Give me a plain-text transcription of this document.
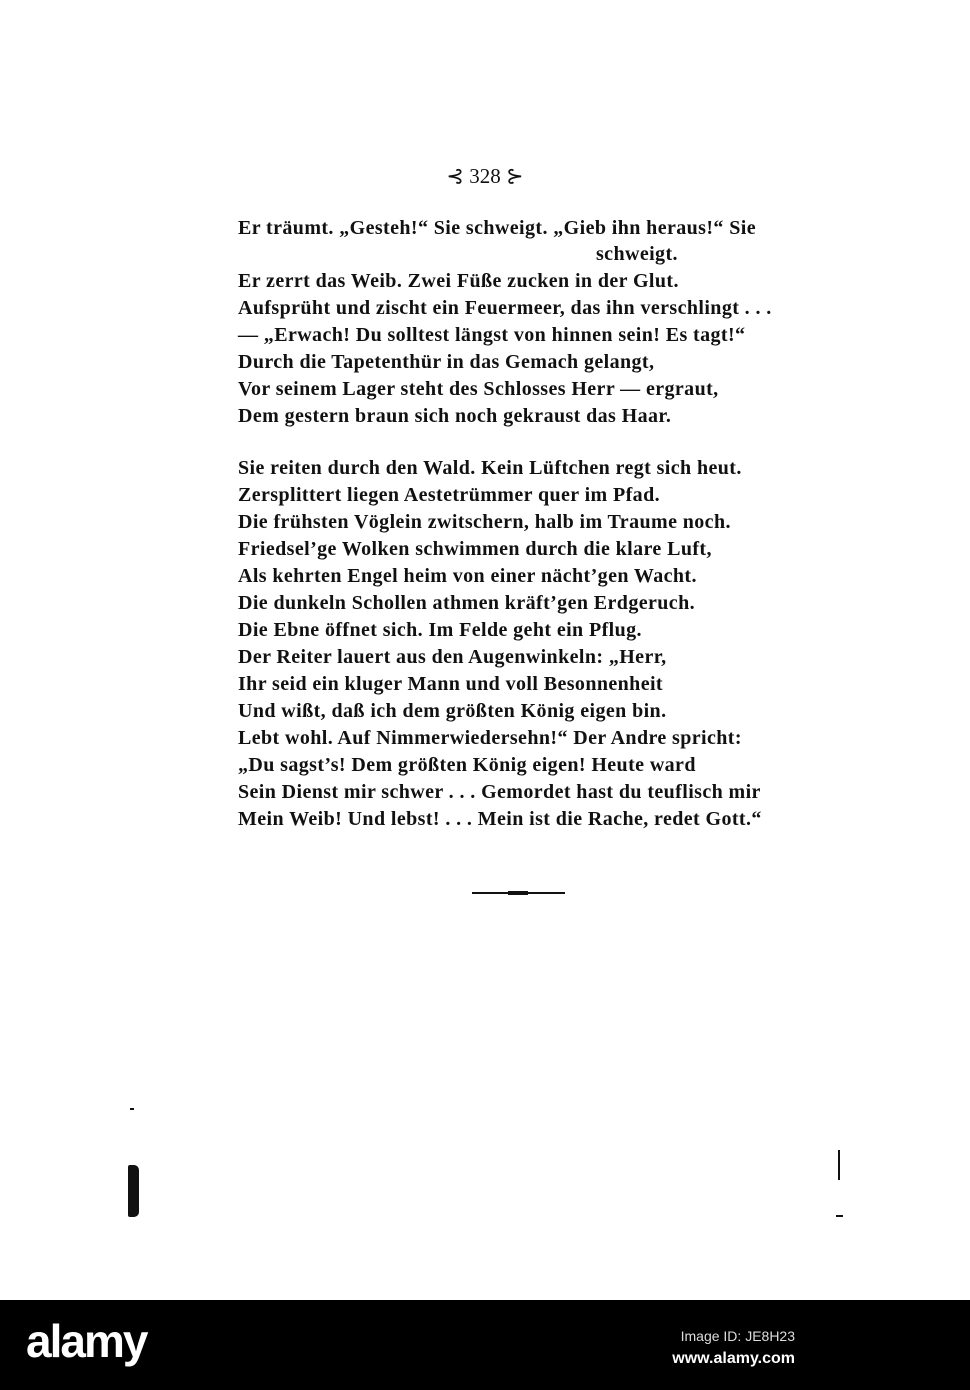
⊰ 328 ⊱
Er träumt. „Gesteh!“ Sie schweigt. „Gieb ihn heraus!“ Sie
schweigt.
Er zerrt das Weib. Zwei Füße zucken in der Glut.
Aufsprüht und zischt ein Feuermeer, das ihn verschlingt . . .
— „Erwach! Du solltest längst von hinnen sein! Es tagt!“
Durch die Tapetenthür in das Gemach gelangt,
Vor seinem Lager steht des Schlosses Herr — ergraut,
Dem gestern braun sich noch gekraust das Haar.
Sie reiten durch den Wald. Kein Lüftchen regt sich heut.
Zersplittert liegen Aestetrümmer quer im Pfad.
Die frühsten Vöglein zwitschern, halb im Traume noch.
Friedsel’ge Wolken schwimmen durch die klare Luft,
Als kehrten Engel heim von einer nächt’gen Wacht.
Die dunkeln Schollen athmen kräft’gen Erdgeruch.
Die Ebne öffnet sich. Im Felde geht ein Pflug.
Der Reiter lauert aus den Augenwinkeln: „Herr,
Ihr seid ein kluger Mann und voll Besonnenheit
Und wißt, daß ich dem größten König eigen bin.
Lebt wohl. Auf Nimmerwiedersehn!“ Der Andre spricht:
„Du sagst’s! Dem größten König eigen! Heute ward
Sein Dienst mir schwer . . . Gemordet hast du teuflisch mir
Mein Weib! Und lebst! . . . Mein ist die Rache, redet Gott.“
alamy	Image ID: JE8H23
www.alamy.com
